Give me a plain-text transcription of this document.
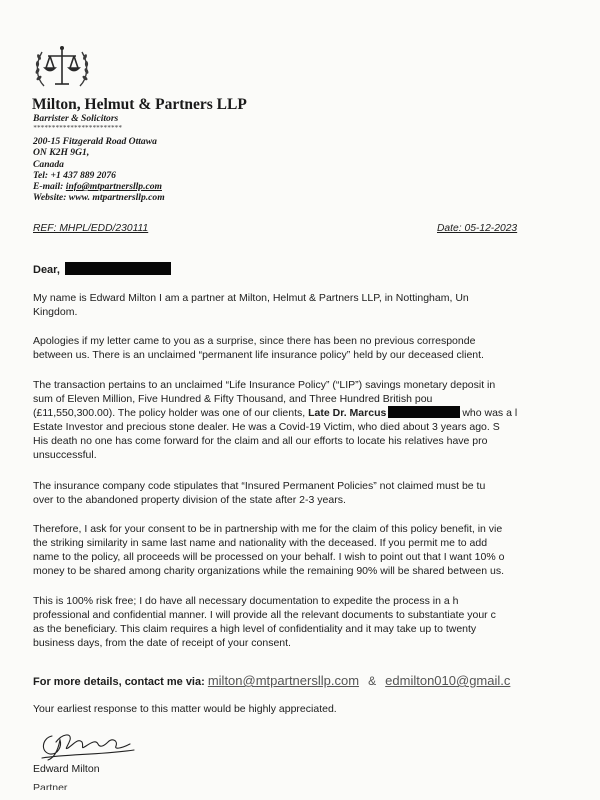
Milton, Helmut & Partners LLP
Barrister & Solicitors
************************
200-15 Fitzgerald Road Ottawa
ON K2H 9G1,
Canada
Tel: +1 437 889 2076
E-mail: info@mtpartnersllp.com
Website: www. mtpartnersllp.com
REF: MHPL/EDD/230111	Date: 05-12-2023
Dear,

My name is Edward Milton I am a partner at Milton, Helmut & Partners LLP, in Nottingham, Un
Kingdom.

Apologies if my letter came to you as a surprise, since there has been no previous corresponde
between us. There is an unclaimed “permanent life insurance policy” held by our deceased client.

The transaction pertains to an unclaimed “Life Insurance Policy” (“LIP”) savings monetary deposit in
sum of Eleven Million, Five Hundred & Fifty Thousand, and Three Hundred British pou
(£11,550,300.00). The policy holder was one of our clients, Late Dr. Marcus	who was a l
Estate Investor and precious stone dealer. He was a Covid-19 Victim, who died about 3 years ago. S
His death no one has come forward for the claim and all our efforts to locate his relatives have pro
unsuccessful.

The insurance company code stipulates that “Insured Permanent Policies” not claimed must be tu
over to the abandoned property division of the state after 2-3 years.

Therefore, I ask for your consent to be in partnership with me for the claim of this policy benefit, in vie
the striking similarity in same last name and nationality with the deceased. If you permit me to add
name to the policy, all proceeds will be processed on your behalf. I wish to point out that I want 10% o
money to be shared among charity organizations while the remaining 90% will be shared between us.

This is 100% risk free; I do have all necessary documentation to expedite the process in a h
professional and confidential manner. I will provide all the relevant documents to substantiate your c
as the beneficiary. This claim requires a high level of confidentiality and it may take up to twenty
business days, from the date of receipt of your consent.

For more details, contact me via: milton@mtpartnersllp.com & edmilton010@gmail.c
Your earliest response to this matter would be highly appreciated.
Edward Milton
Partner
